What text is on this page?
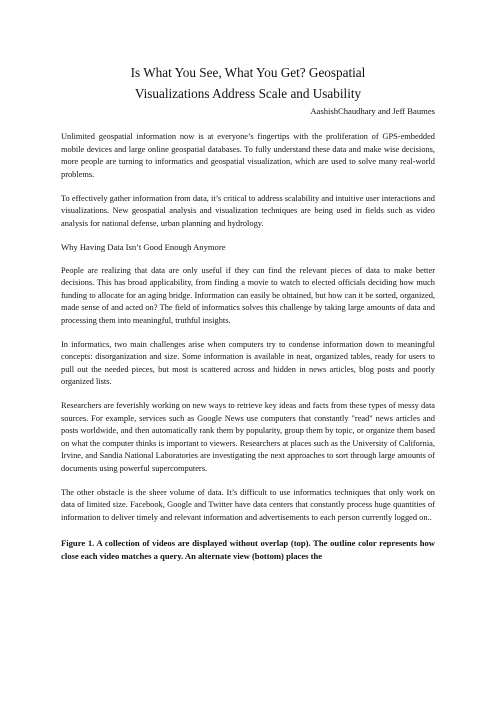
Is What You See, What You Get? Geospatial
Visualizations Address Scale and Usability

AashishChaudhary and Jeff Baumes

Unlimited geospatial information now is at everyone’s fingertips with the proliferation of GPS-embedded mobile devices and large online geospatial databases. To fully understand these data and make wise decisions, more people are turning to informatics and geospatial visualization, which are used to solve many real-world problems.

To effectively gather information from data, it’s critical to address scalability and intuitive user interactions and visualizations. New geospatial analysis and visualization techniques are being used in fields such as video analysis for national defense, urban planning and hydrology.

Why Having Data Isn’t Good Enough Anymore

People are realizing that data are only useful if they can find the relevant pieces of data to make better decisions. This has broad applicability, from finding a movie to watch to elected officials deciding how much funding to allocate for an aging bridge. Information can easily be obtained, but how can it be sorted, organized, made sense of and acted on? The field of informatics solves this challenge by taking large amounts of data and processing them into meaningful, truthful insights.

In informatics, two main challenges arise when computers try to condense information down to meaningful concepts: disorganization and size. Some information is available in neat, organized tables, ready for users to pull out the needed pieces, but most is scattered across and hidden in news articles, blog posts and poorly organized lists.

Researchers are feverishly working on new ways to retrieve key ideas and facts from these types of messy data sources. For example, services such as Google News use computers that constantly "read" news articles and posts worldwide, and then automatically rank them by popularity, group them by topic, or organize them based on what the computer thinks is important to viewers. Researchers at places such as the University of California, Irvine, and Sandia National Laboratories are investigating the next approaches to sort through large amounts of documents using powerful supercomputers.

The other obstacle is the sheer volume of data. It’s difficult to use informatics techniques that only work on data of limited size. Facebook, Google and Twitter have data centers that constantly process huge quantities of information to deliver timely and relevant information and advertisements to each person currently logged on..

Figure 1. A collection of videos are displayed without overlap (top). The outline color represents how close each video matches a query. An alternate view (bottom) places the
